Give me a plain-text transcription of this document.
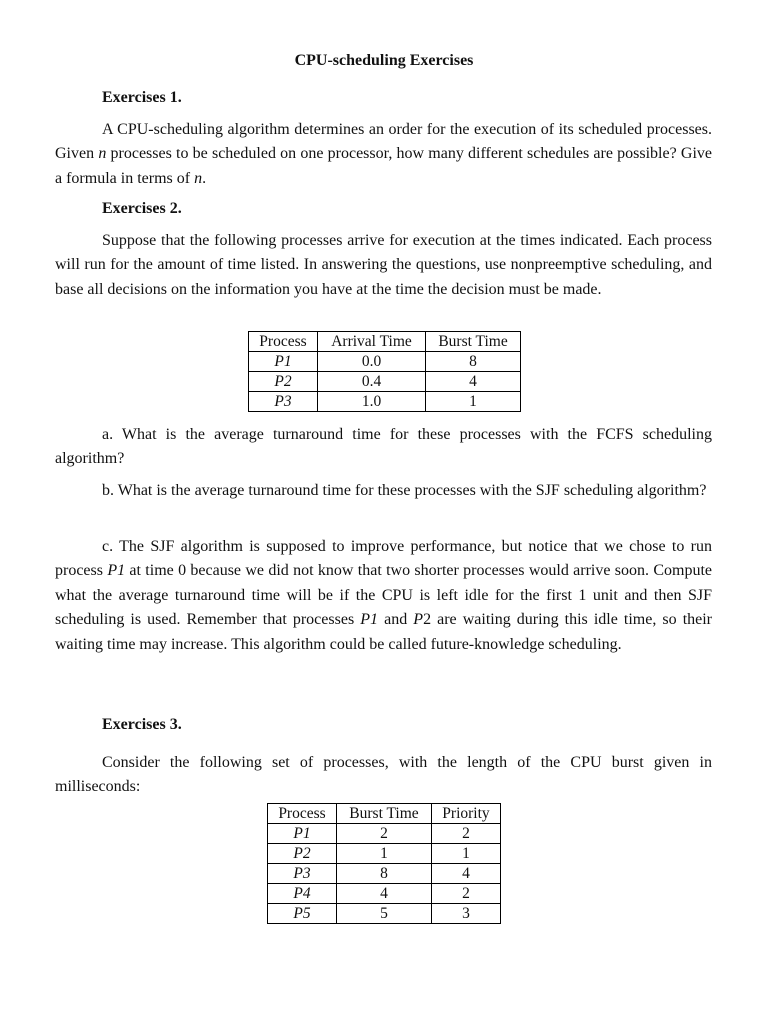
CPU-scheduling Exercises
Exercises 1.

A CPU-scheduling algorithm determines an order for the execution of its scheduled processes. Given n processes to be scheduled on one processor, how many different schedules are possible? Give a formula in terms of n.

Exercises 2.

Suppose that the following processes arrive for execution at the times indicated. Each process will run for the amount of time listed. In answering the questions, use nonpreemptive scheduling, and base all decisions on the information you have at the time the decision must be made.

Process	Arrival Time	Burst Time
P1	0.0	8
P2	0.4	4
P3	1.0	1

a. What is the average turnaround time for these processes with the FCFS scheduling algorithm?

b. What is the average turnaround time for these processes with the SJF scheduling algorithm?

c. The SJF algorithm is supposed to improve performance, but notice that we chose to run process P1 at time 0 because we did not know that two shorter processes would arrive soon. Compute what the average turnaround time will be if the CPU is left idle for the first 1 unit and then SJF scheduling is used. Remember that processes P1 and P2 are waiting during this idle time, so their waiting time may increase. This algorithm could be called future-knowledge scheduling.

Exercises 3.

Consider the following set of processes, with the length of the CPU burst given in milliseconds:

Process	Burst Time	Priority
P1	2	2
P2	1	1
P3	8	4
P4	4	2
P5	5	3
